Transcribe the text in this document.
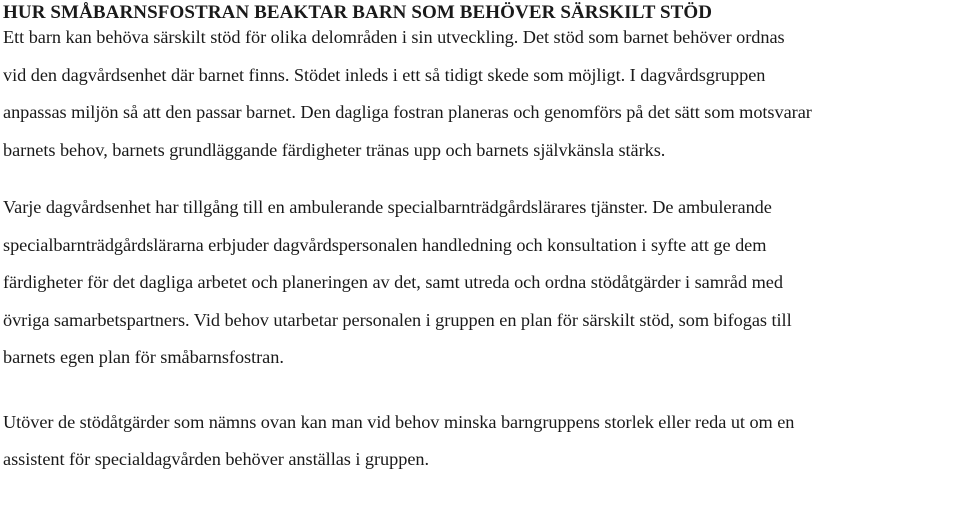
HUR SMÅBARNSFOSTRAN BEAKTAR BARN SOM BEHÖVER SÄRSKILT STÖD

Ett barn kan behöva särskilt stöd för olika delområden i sin utveckling. Det stöd som barnet behöver ordnas
vid den dagvårdsenhet där barnet finns. Stödet inleds i ett så tidigt skede som möjligt. I dagvårdsgruppen
anpassas miljön så att den passar barnet. Den dagliga fostran planeras och genomförs på det sätt som motsvarar
barnets behov, barnets grundläggande färdigheter tränas upp och barnets självkänsla stärks.

Varje dagvårdsenhet har tillgång till en ambulerande specialbarnträdgårdslärares tjänster. De ambulerande
specialbarnträdgårdslärarna erbjuder dagvårdspersonalen handledning och konsultation i syfte att ge dem
färdigheter för det dagliga arbetet och planeringen av det, samt utreda och ordna stödåtgärder i samråd med
övriga samarbetspartners. Vid behov utarbetar personalen i gruppen en plan för särskilt stöd, som bifogas till
barnets egen plan för småbarnsfostran.

Utöver de stödåtgärder som nämns ovan kan man vid behov minska barngruppens storlek eller reda ut om en
assistent för specialdagvården behöver anställas i gruppen.
